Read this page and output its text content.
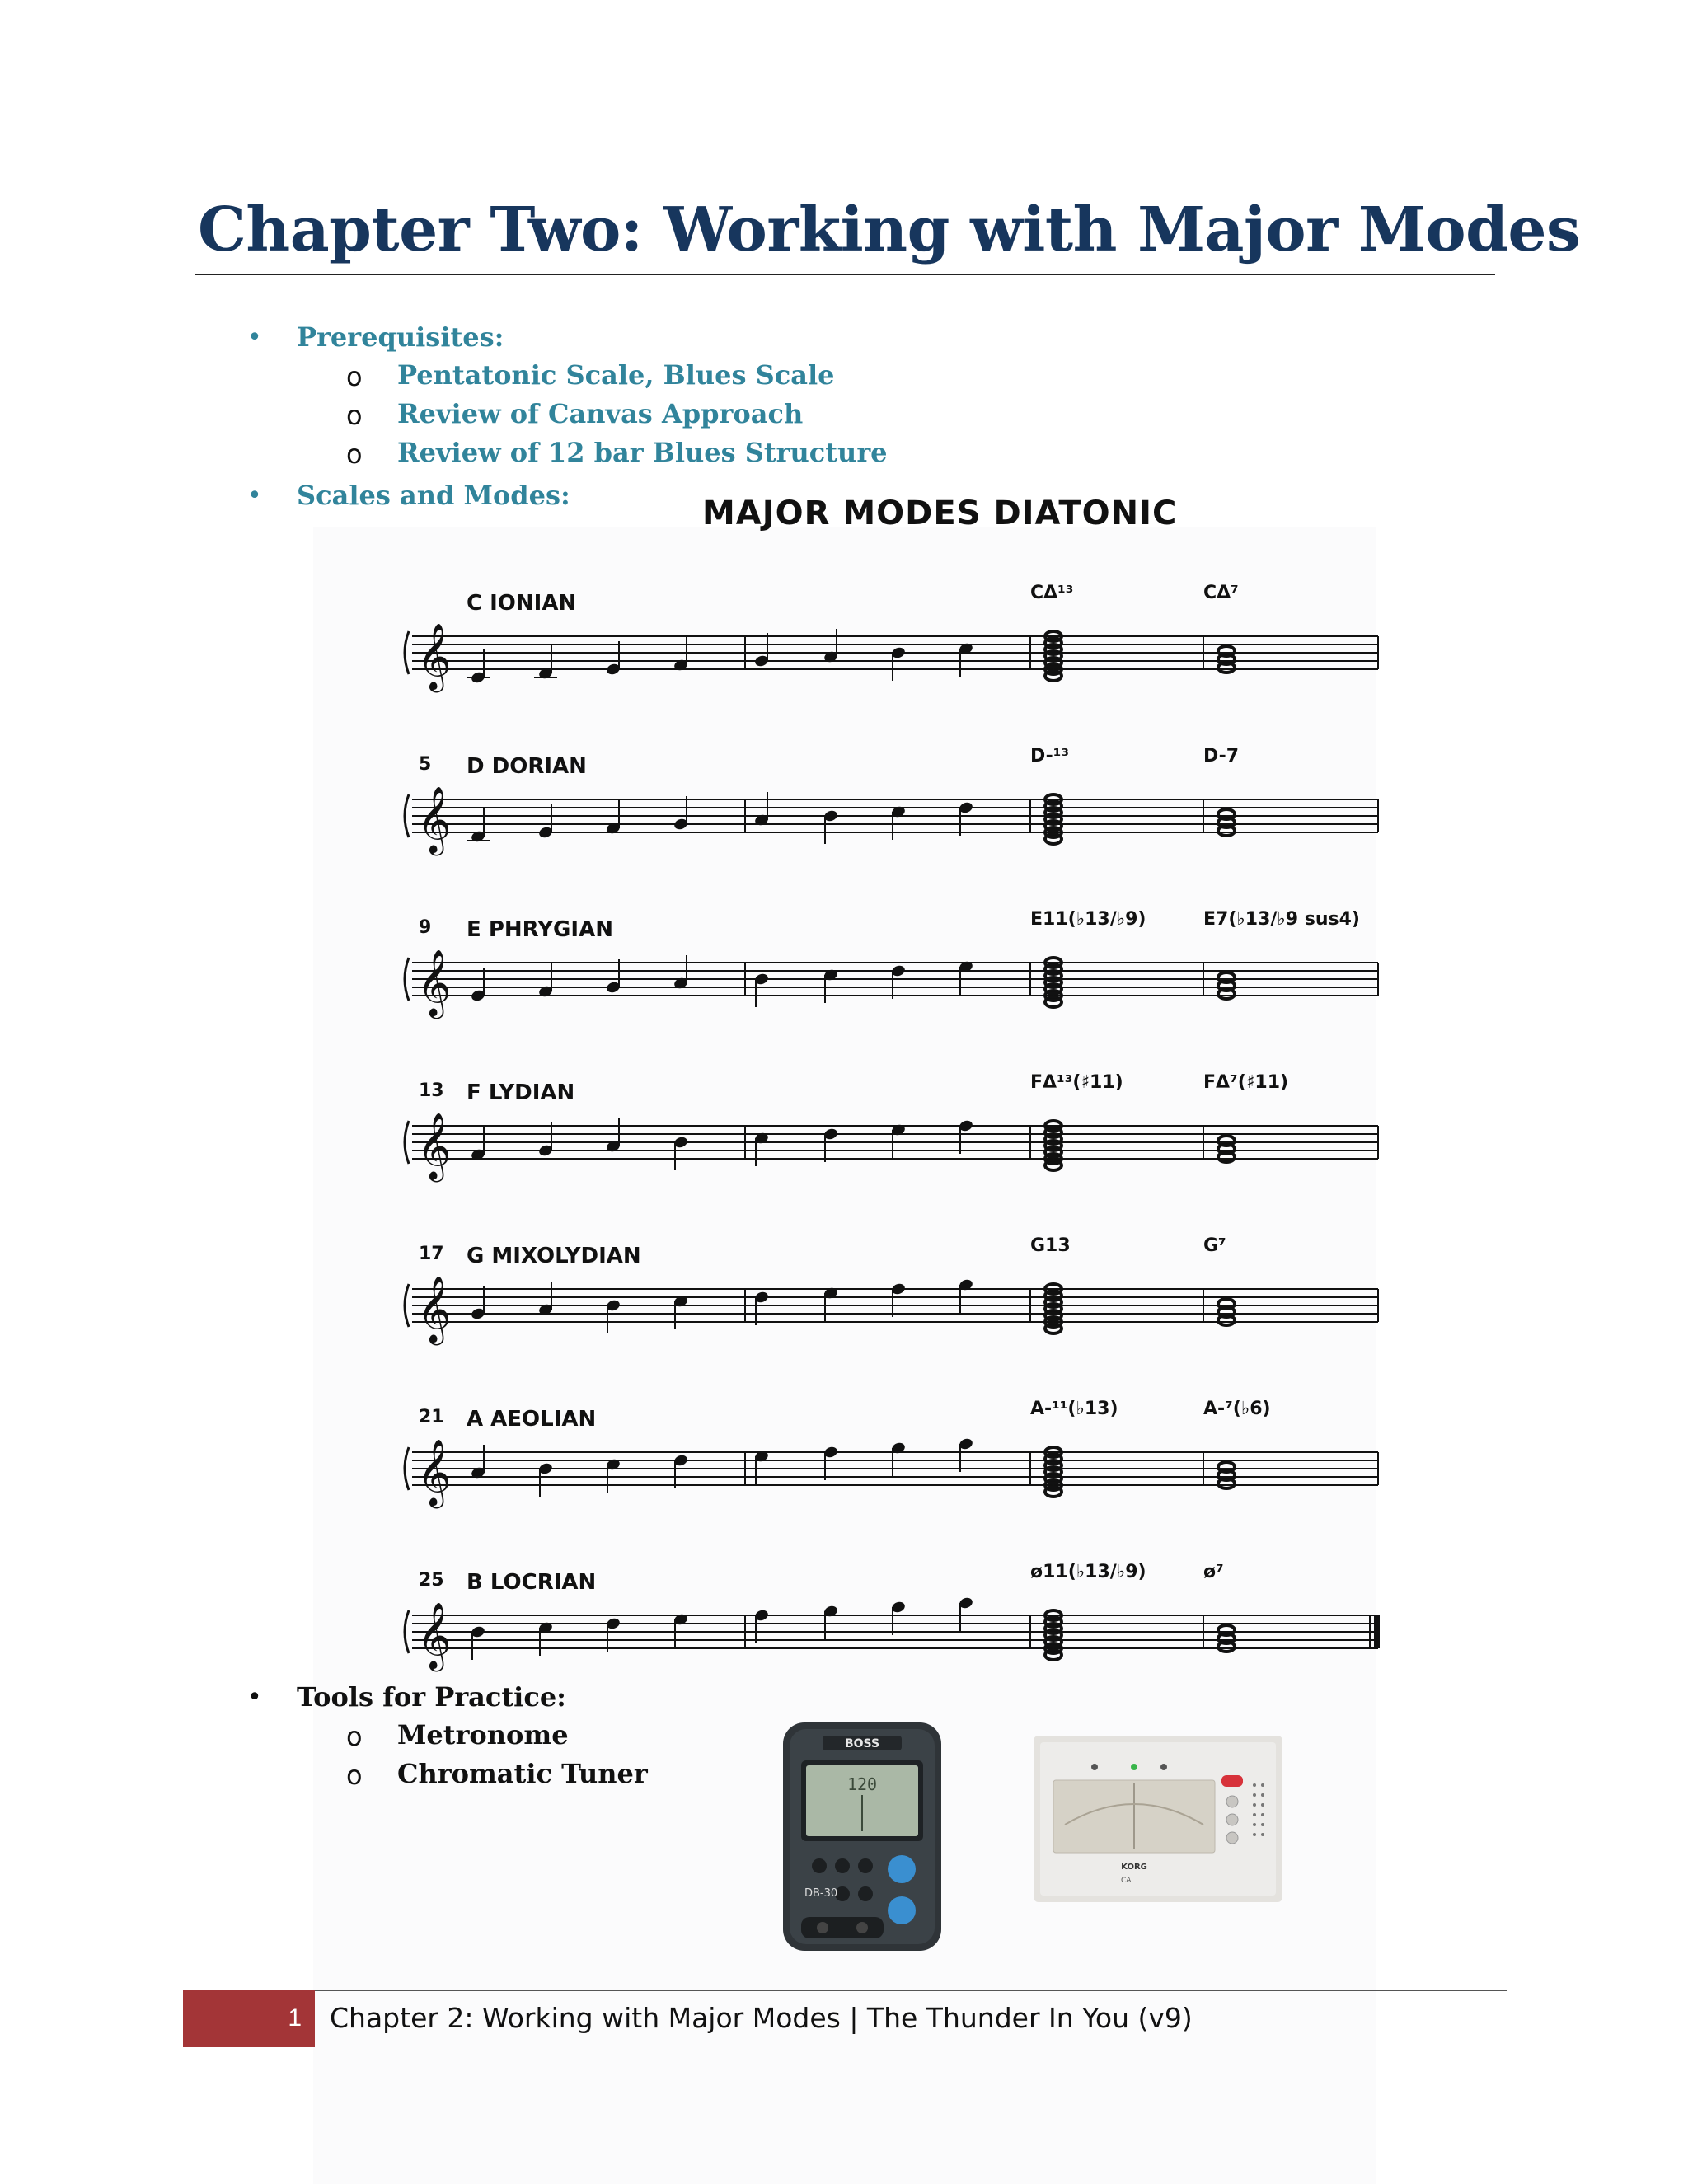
Chapter Two: Working with Major Modes
• Prerequisites:
o Pentatonic Scale, Blues Scale
o Review of Canvas Approach
o Review of 12 bar Blues Structure
• Scales and Modes:	MAJOR MODES DIATONIC
𝄞
C IONIAN	CΔ¹³	CΔ⁷
𝄞
5 D DORIAN	D-¹³	D-7
𝄞
9 E PHRYGIAN	E11(♭13/♭9)	E7(♭13/♭9 sus4)
𝄞
13 F LYDIAN	FΔ¹³(♯11)	FΔ⁷(♯11)
𝄞
17 G MIXOLYDIAN	G13	G⁷
𝄞
21 A AEOLIAN	A-¹¹(♭13)	A-⁷(♭6)
𝄞
25 B LOCRIAN	ø11(♭13/♭9)	ø⁷
• Tools for Practice:
o Metronome
o Chromatic Tuner
BOSS
120
DB-30
KORG
CA
1 Chapter 2: Working with Major Modes | The Thunder In You (v9)
